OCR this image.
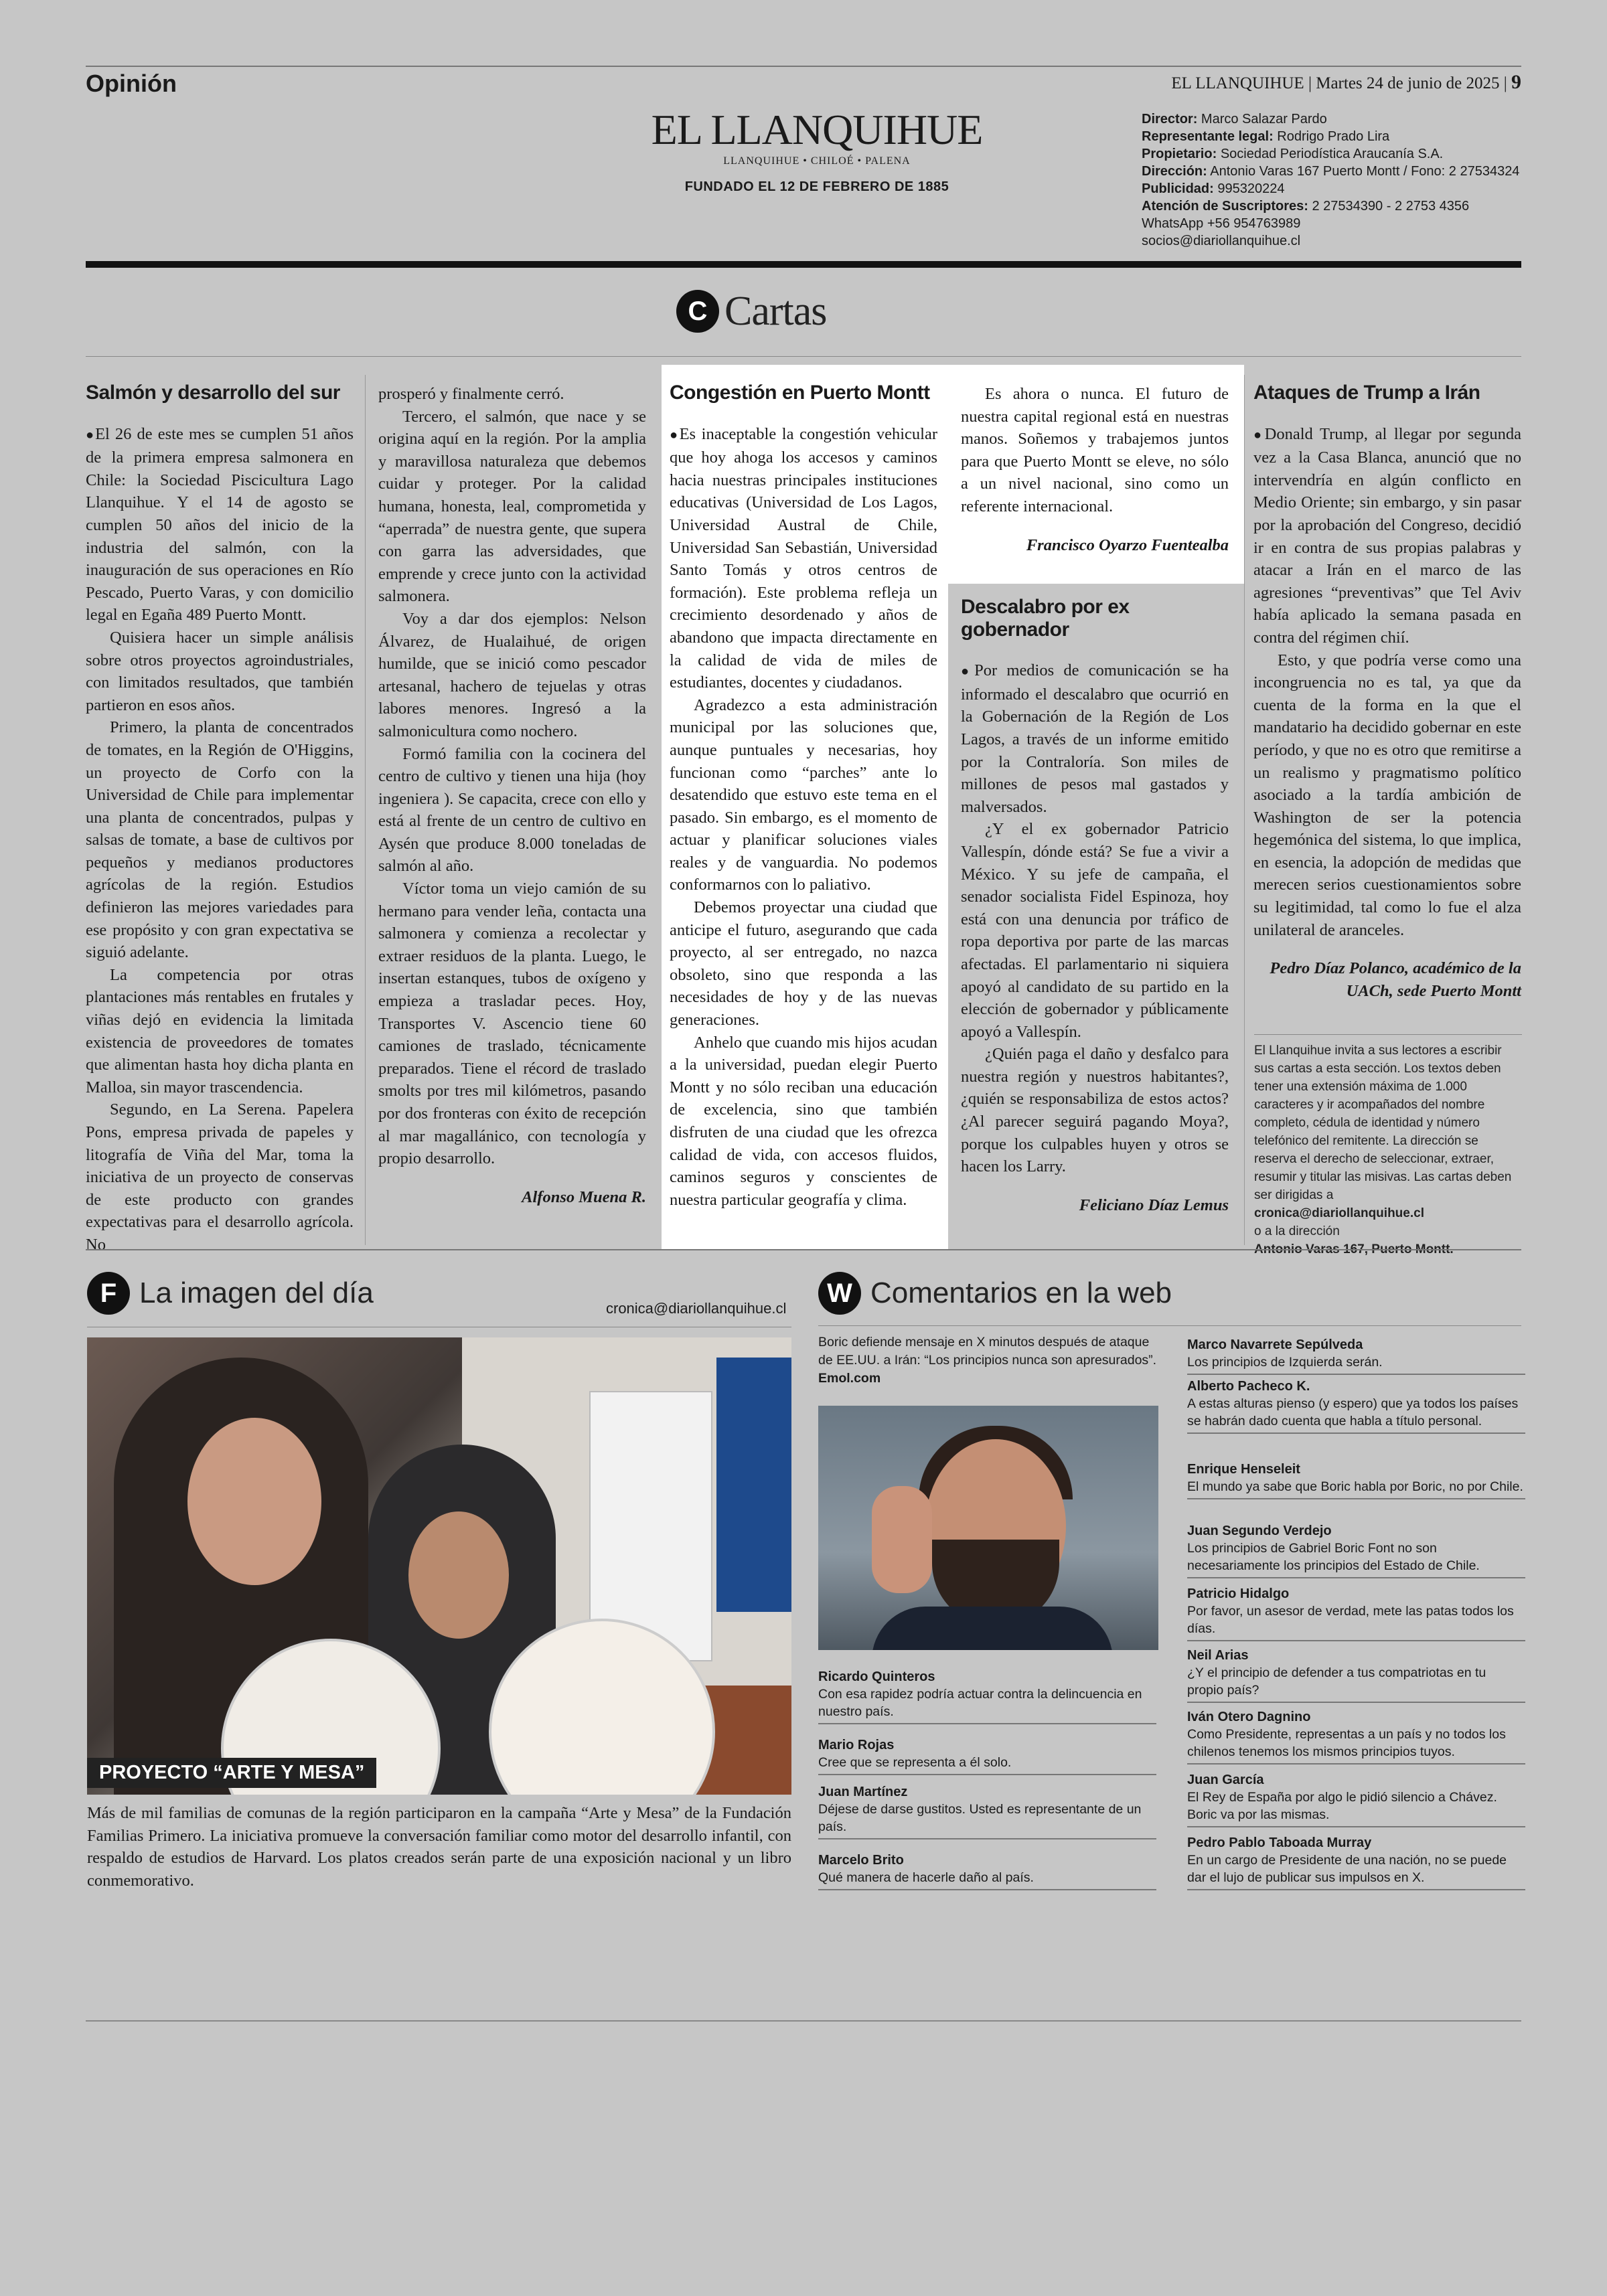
Opinión	EL LLANQUIHUE | Martes 24 de junio de 2025 | 9
EL LLANQUIHUE
LLANQUIHUE • CHILOÉ • PALENA
FUNDADO EL 12 DE FEBRERO DE 1885
Director: Marco Salazar Pardo
Representante legal: Rodrigo Prado Lira
Propietario: Sociedad Periodística Araucanía S.A.
Dirección: Antonio Varas 167 Puerto Montt / Fono: 2 27534324
Publicidad: 995320224
Atención de Suscriptores: 2 27534390 - 2 2753 4356
WhatsApp +56 954763989
socios@diariollanquihue.cl
C Cartas
Salmón y desarrollo del sur

● El 26 de este mes se cumplen 51 años de la primera empresa salmonera en Chile: la Sociedad Piscicultura Lago Llanquihue. Y el 14 de agosto se cumplen 50 años del inicio de la industria del salmón, con la inauguración de sus operaciones en Río Pescado, Puerto Varas, y con domicilio legal en Egaña 489 Puerto Montt.

Quisiera hacer un simple análisis sobre otros proyectos agroindustriales, con limitados resultados, que también partieron en esos años.

Primero, la planta de concentrados de tomates, en la Región de O'Higgins, un proyecto de Corfo con la Universidad de Chile para implementar una planta de concentrados, pulpas y salsas de tomate, a base de cultivos por pequeños y medianos productores agrícolas de la región. Estudios definieron las mejores variedades para ese propósito y con gran expectativa se siguió adelante.

La competencia por otras plantaciones más rentables en frutales y viñas dejó en evidencia la limitada existencia de proveedores de tomates que alimentan hasta hoy dicha planta en Malloa, sin mayor trascendencia.

Segundo, en La Serena. Papelera Pons, empresa privada de papeles y litografía de Viña del Mar, toma la iniciativa de un proyecto de conservas de este producto con grandes expectativas para el desarrollo agrícola. No

prosperó y finalmente cerró.

Tercero, el salmón, que nace y se origina aquí en la región. Por la amplia y maravillosa naturaleza que debemos cuidar y proteger. Por la calidad humana, honesta, leal, comprometida y “aperrada” de nuestra gente, que supera con garra las adversidades, que emprende y crece junto con la actividad salmonera.

Voy a dar dos ejemplos: Nelson Álvarez, de Hualaihué, de origen humilde, que se inició como pescador artesanal, hachero de tejuelas y otras labores menores. Ingresó a la salmonicultura como nochero.

Formó familia con la cocinera del centro de cultivo y tienen una hija (hoy ingeniera ). Se capacita, crece con ello y está al frente de un centro de cultivo en Aysén que produce 8.000 toneladas de salmón al año.

Víctor toma un viejo camión de su hermano para vender leña, contacta una salmonera y comienza a recolectar y extraer residuos de la planta. Luego, le insertan estanques, tubos de oxígeno y empieza a trasladar peces. Hoy, Transportes V. Ascencio tiene 60 camiones de traslado, técnicamente preparados. Tiene el récord de traslado smolts por tres mil kilómetros, pasando por dos fronteras con éxito de recepción al mar magallánico, con tecnología y propio desarrollo.

Alfonso Muena R.

Congestión en Puerto Montt

● Es inaceptable la congestión vehicular que hoy ahoga los accesos y caminos hacia nuestras principales instituciones educativas (Universidad de Los Lagos, Universidad Austral de Chile, Universidad San Sebastián, Universidad Santo Tomás y otros centros de formación). Este problema refleja un crecimiento desordenado y años de abandono que impacta directamente en la calidad de vida de miles de estudiantes, docentes y ciudadanos.

Agradezco a esta administración municipal por las soluciones que, aunque puntuales y necesarias, hoy funcionan como “parches” ante lo desatendido que estuvo este tema en el pasado. Sin embargo, es el momento de actuar y planificar soluciones viales reales y de vanguardia. No podemos conformarnos con lo paliativo.

Debemos proyectar una ciudad que anticipe el futuro, asegurando que cada proyecto, al ser entregado, no nazca obsoleto, sino que responda a las necesidades de hoy y de las nuevas generaciones.

Anhelo que cuando mis hijos acudan a la universidad, puedan elegir Puerto Montt y no sólo reciban una educación de excelencia, sino que también disfruten de una ciudad que les ofrezca calidad de vida, con accesos fluidos, caminos seguros y conscientes de nuestra particular geografía y clima.

Es ahora o nunca. El futuro de nuestra capital regional está en nuestras manos. Soñemos y trabajemos juntos para que Puerto Montt se eleve, no sólo a un nivel nacional, sino como un referente internacional.

Francisco Oyarzo Fuentealba

Descalabro por ex gobernador

● Por medios de comunicación se ha informado el descalabro que ocurrió en la Gobernación de la Región de Los Lagos, a través de un informe emitido por la Contraloría. Son miles de millones de pesos mal gastados y malversados.

¿Y el ex gobernador Patricio Vallespín, dónde está? Se fue a vivir a México. Y su jefe de campaña, el senador socialista Fidel Espinoza, hoy está con una denuncia por tráfico de ropa deportiva por parte de las marcas afectadas. El parlamentario ni siquiera apoyó al candidato de su partido en la elección de gobernador y públicamente apoyó a Vallespín.

¿Quién paga el daño y desfalco para nuestra región y nuestros habitantes?, ¿quién se responsabiliza de estos actos? ¿Al parecer seguirá pagando Moya?, porque los culpables huyen y otros se hacen los Larry.

Feliciano Díaz Lemus

Ataques de Trump a Irán

● Donald Trump, al llegar por segunda vez a la Casa Blanca, anunció que no intervendría en algún conflicto en Medio Oriente; sin embargo, y sin pasar por la aprobación del Congreso, decidió ir en contra de sus propias palabras y atacar a Irán en el marco de las agresiones “preventivas” que Tel Aviv había aplicado la semana pasada en contra del régimen chií.

Esto, y que podría verse como una incongruencia no es tal, ya que da cuenta de la forma en la que el mandatario ha decidido gobernar en este período, y que no es otro que remitirse a un realismo y pragmatismo político asociado a la tardía ambición de Washington de ser la potencia hegemónica del sistema, lo que implica, en esencia, la adopción de medidas que merecen serios cuestionamientos sobre su legitimidad, tal como lo fue el alza unilateral de aranceles.

Pedro Díaz Polanco, académico de la UACh, sede Puerto Montt

El Llanquihue invita a sus lectores a escribir sus cartas a esta sección. Los textos deben tener una extensión máxima de 1.000 caracteres y ir acompañados del nombre completo, cédula de identidad y número telefónico del remitente. La dirección se reserva el derecho de seleccionar, extraer, resumir y titular las misivas. Las cartas deben ser dirigidas a
cronica@diariollanquihue.cl
o a la dirección
Antonio Varas 167, Puerto Montt.
F La imagen del día	cronica@diariollanquihue.cl
PROYECTO “ARTE Y MESA”
Más de mil familias de comunas de la región participaron en la campaña “Arte y Mesa” de la Fundación Familias Primero. La iniciativa promueve la conversación familiar como motor del desarrollo infantil, con respaldo de estudios de Harvard. Los platos creados serán parte de una exposición nacional y un libro conmemorativo.
W Comentarios en la web
Boric defiende mensaje en X minutos después de ataque de EE.UU. a Irán: “Los principios nunca son apresurados”. Emol.com
Ricardo Quinteros
Con esa rapidez podría actuar contra la delincuencia en nuestro país.
Mario Rojas
Cree que se representa a él solo.
Juan Martínez
Déjese de darse gustitos. Usted es representante de un país.
Marcelo Brito
Qué manera de hacerle daño al país.
Marco Navarrete Sepúlveda
Los principios de Izquierda serán.
Alberto Pacheco K.
A estas alturas pienso (y espero) que ya todos los países se habrán dado cuenta que habla a título personal.
Enrique Henseleit
El mundo ya sabe que Boric habla por Boric, no por Chile.
Juan Segundo Verdejo
Los principios de Gabriel Boric Font no son necesariamente los principios del Estado de Chile.
Patricio Hidalgo
Por favor, un asesor de verdad, mete las patas todos los días.
Neil Arias
¿Y el principio de defender a tus compatriotas en tu propio país?
Iván Otero Dagnino
Como Presidente, representas a un país y no todos los chilenos tenemos los mismos principios tuyos.
Juan García
El Rey de España por algo le pidió silencio a Chávez. Boric va por las mismas.
Pedro Pablo Taboada Murray
En un cargo de Presidente de una nación, no se puede dar el lujo de publicar sus impulsos en X.
